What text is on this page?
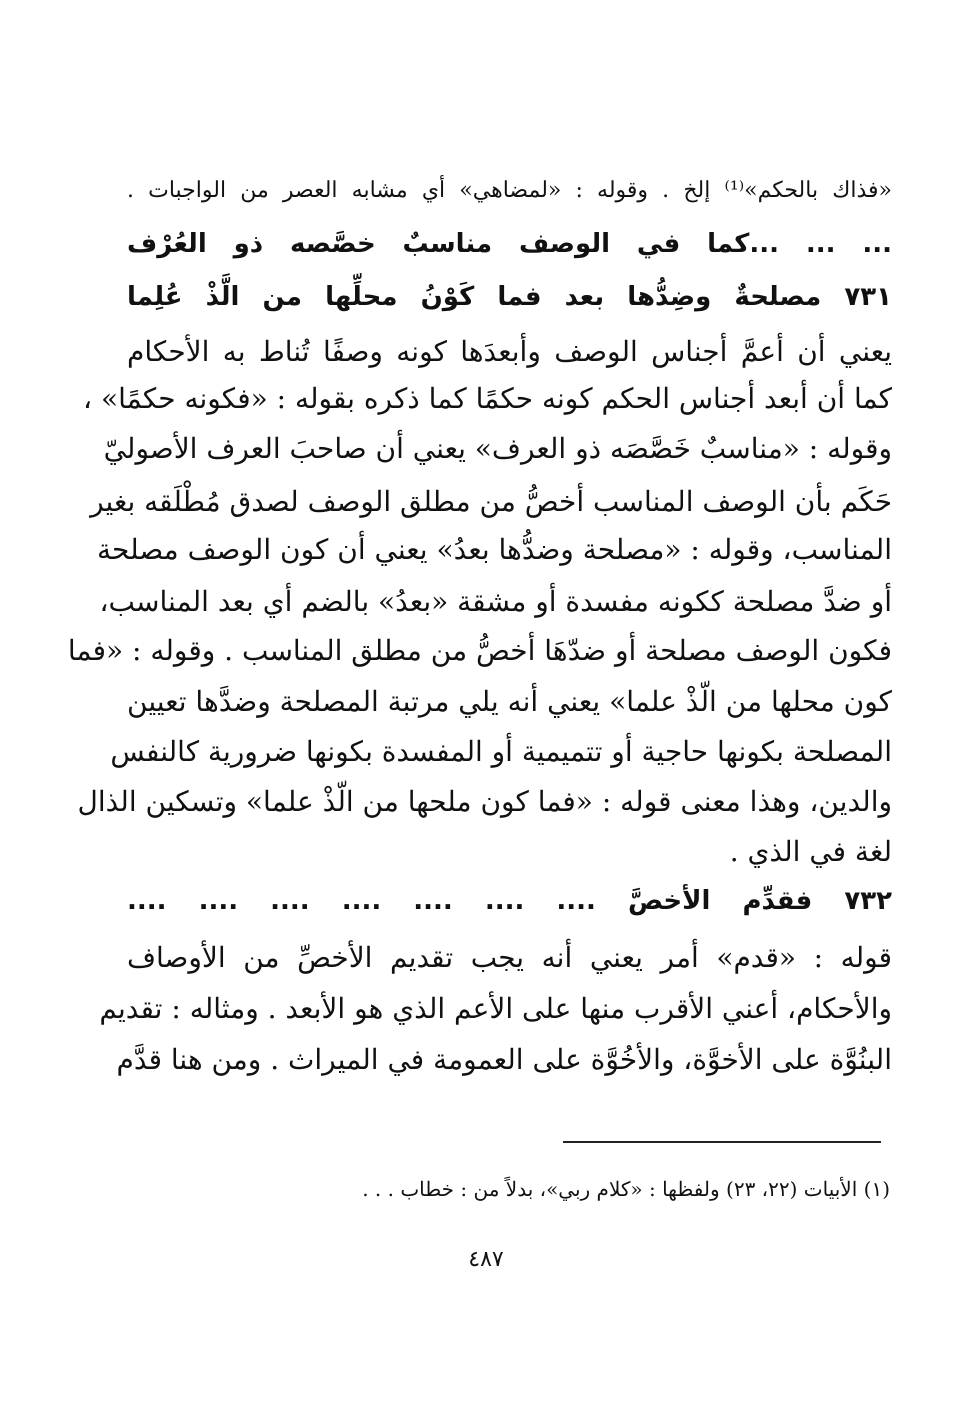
«فذاك بالحكم»⁽¹⁾ إلخ . وقوله : «لمضاهي» أي مشابه العصر من الواجبات .
... ... ...كما في الوصف مناسبٌ خصَّصه ذو العُرْف
٧٣١ مصلحةٌ وضِدُّها بعد فما كَوْنُ محلِّها من الَّذْ عُلِما
يعني أن أعمَّ أجناس الوصف وأبعدَها كونه وصفًا تُناط به الأحكام
كما أن أبعد أجناس الحكم كونه حكمًا كما ذكره بقوله : «فكونه حكمًا» ،
وقوله : «مناسبٌ خَصَّصَه ذو العرف» يعني أن صاحبَ العرف الأصوليّ
حَكَم بأن الوصف المناسب أخصُّ من مطلق الوصف لصدق مُطْلَقه بغير
المناسب، وقوله : «مصلحة وضدُّها بعدُ» يعني أن كون الوصف مصلحة
أو ضدَّ مصلحة ككونه مفسدة أو مشقة «بعدُ» بالضم أي بعد المناسب،
فكون الوصف مصلحة أو ضدّهَا أخصُّ من مطلق المناسب . وقوله : «فما
كون محلها من الّذْ علما» يعني أنه يلي مرتبة المصلحة وضدَّها تعيين
المصلحة بكونها حاجية أو تتميمية أو المفسدة بكونها ضرورية كالنفس
والدين، وهذا معنى قوله : «فما كون ملحها من الّذْ علما» وتسكين الذال
لغة في الذي .
٧٣٢ فقدِّم الأخصَّ .... .... .... .... .... .... ....
قوله : «قدم» أمر يعني أنه يجب تقديم الأخصِّ من الأوصاف
والأحكام، أعني الأقرب منها على الأعم الذي هو الأبعد . ومثاله : تقديم
البنُوَّة على الأخوَّة، والأخُوَّة على العمومة في الميراث . ومن هنا قدَّم
(١) الأبيات (٢٢، ٢٣) ولفظها : «كلام ربي»، بدلاً من : خطاب . . .
٤٨٧
